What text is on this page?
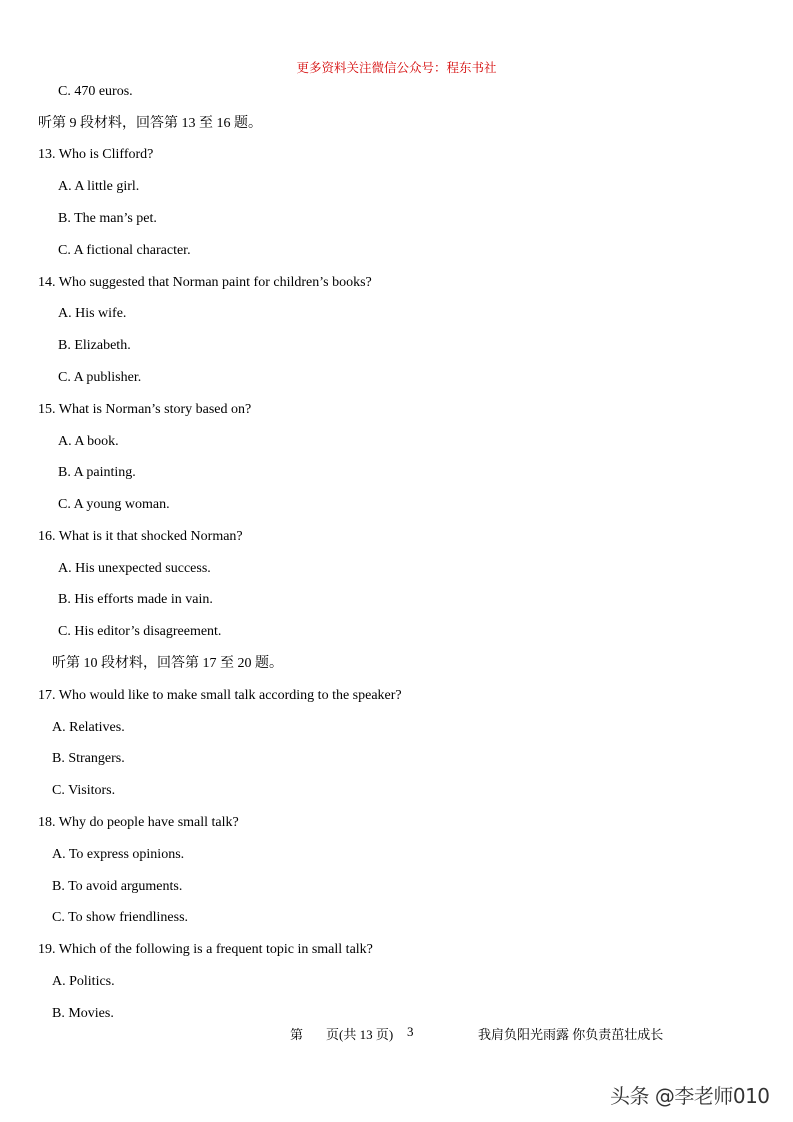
更多资料关注微信公众号：程东书社
C. 470 euros.
听第 9 段材料，回答第 13 至 16 题。
13. Who is Clifford?
A. A little girl.
B. The man’s pet.
C. A fictional character.
14. Who suggested that Norman paint for children’s books?
A. His wife.
B. Elizabeth.
C. A publisher.
15. What is Norman’s story based on?
A. A book.
B. A painting.
C. A young woman.
16. What is it that shocked Norman?
A. His unexpected success.
B. His efforts made in vain.
C. His editor’s disagreement.
听第 10 段材料，回答第 17 至 20 题。
17. Who would like to make small talk according to the speaker?
A. Relatives.
B. Strangers.
C. Visitors.
18. Why do people have small talk?
A. To express opinions.
B. To avoid arguments.
C. To show friendliness.
19. Which of the following is a frequent topic in small talk?
A. Politics.
B. Movies.
第 页(共 13 页) 3	我肩负阳光雨露 你负责茁壮成长
头条 @李老师010
